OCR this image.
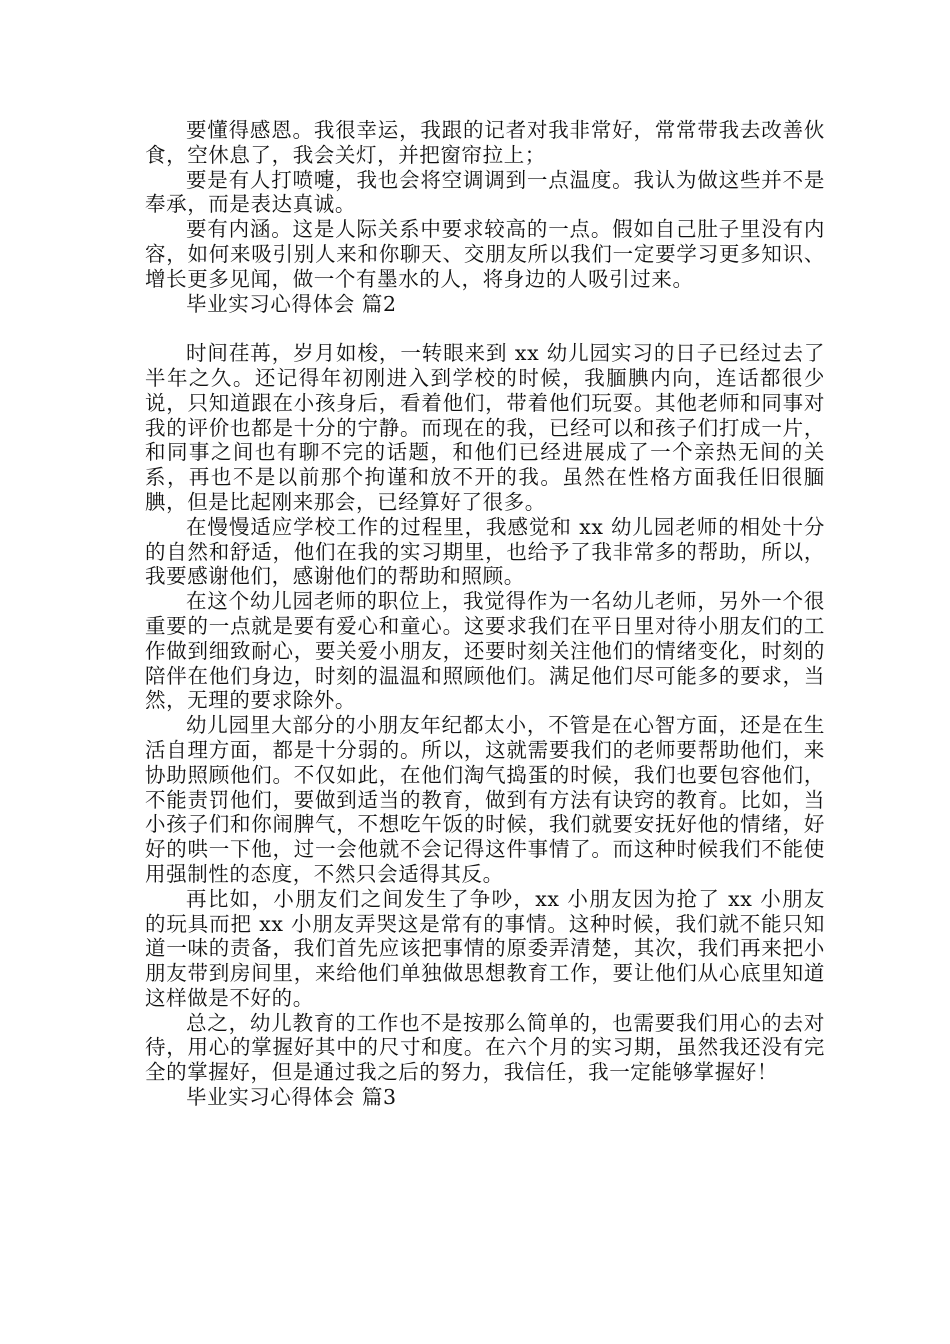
要懂得感恩。我很幸运，我跟的记者对我非常好，常常带我去改善伙食，空休息了，我会关灯，并把窗帘拉上；

要是有人打喷嚏，我也会将空调调到一点温度。我认为做这些并不是奉承，而是表达真诚。

要有内涵。这是人际关系中要求较高的一点。假如自己肚子里没有内容，如何来吸引别人来和你聊天、交朋友所以我们一定要学习更多知识、增长更多见闻，做一个有墨水的人，将身边的人吸引过来。

毕业实习心得体会 篇2

时间荏苒，岁月如梭，一转眼来到 xx 幼儿园实习的日子已经过去了半年之久。还记得年初刚进入到学校的时候，我腼腆内向，连话都很少说，只知道跟在小孩身后，看着他们，带着他们玩耍。其他老师和同事对我的评价也都是十分的宁静。而现在的我，已经可以和孩子们打成一片，和同事之间也有聊不完的话题，和他们已经进展成了一个亲热无间的关系，再也不是以前那个拘谨和放不开的我。虽然在性格方面我任旧很腼腆，但是比起刚来那会，已经算好了很多。

在慢慢适应学校工作的过程里，我感觉和 xx 幼儿园老师的相处十分的自然和舒适，他们在我的实习期里，也给予了我非常多的帮助，所以，我要感谢他们，感谢他们的帮助和照顾。

在这个幼儿园老师的职位上，我觉得作为一名幼儿老师，另外一个很重要的一点就是要有爱心和童心。这要求我们在平日里对待小朋友们的工作做到细致耐心，要关爱小朋友，还要时刻关注他们的情绪变化，时刻的陪伴在他们身边，时刻的温温和照顾他们。满足他们尽可能多的要求，当然，无理的要求除外。

幼儿园里大部分的小朋友年纪都太小，不管是在心智方面，还是在生活自理方面，都是十分弱的。所以，这就需要我们的老师要帮助他们，来协助照顾他们。不仅如此，在他们淘气捣蛋的时候，我们也要包容他们，不能责罚他们，要做到适当的教育，做到有方法有诀窍的教育。比如，当小孩子们和你闹脾气，不想吃午饭的时候，我们就要安抚好他的情绪，好好的哄一下他，过一会他就不会记得这件事情了。而这种时候我们不能使用强制性的态度，不然只会适得其反。

再比如，小朋友们之间发生了争吵，xx 小朋友因为抢了 xx 小朋友的玩具而把 xx 小朋友弄哭这是常有的事情。这种时候，我们就不能只知道一味的责备，我们首先应该把事情的原委弄清楚，其次，我们再来把小朋友带到房间里，来给他们单独做思想教育工作，要让他们从心底里知道这样做是不好的。

总之，幼儿教育的工作也不是按那么简单的，也需要我们用心的去对待，用心的掌握好其中的尺寸和度。在六个月的实习期，虽然我还没有完全的掌握好，但是通过我之后的努力，我信任，我一定能够掌握好！

毕业实习心得体会 篇3
